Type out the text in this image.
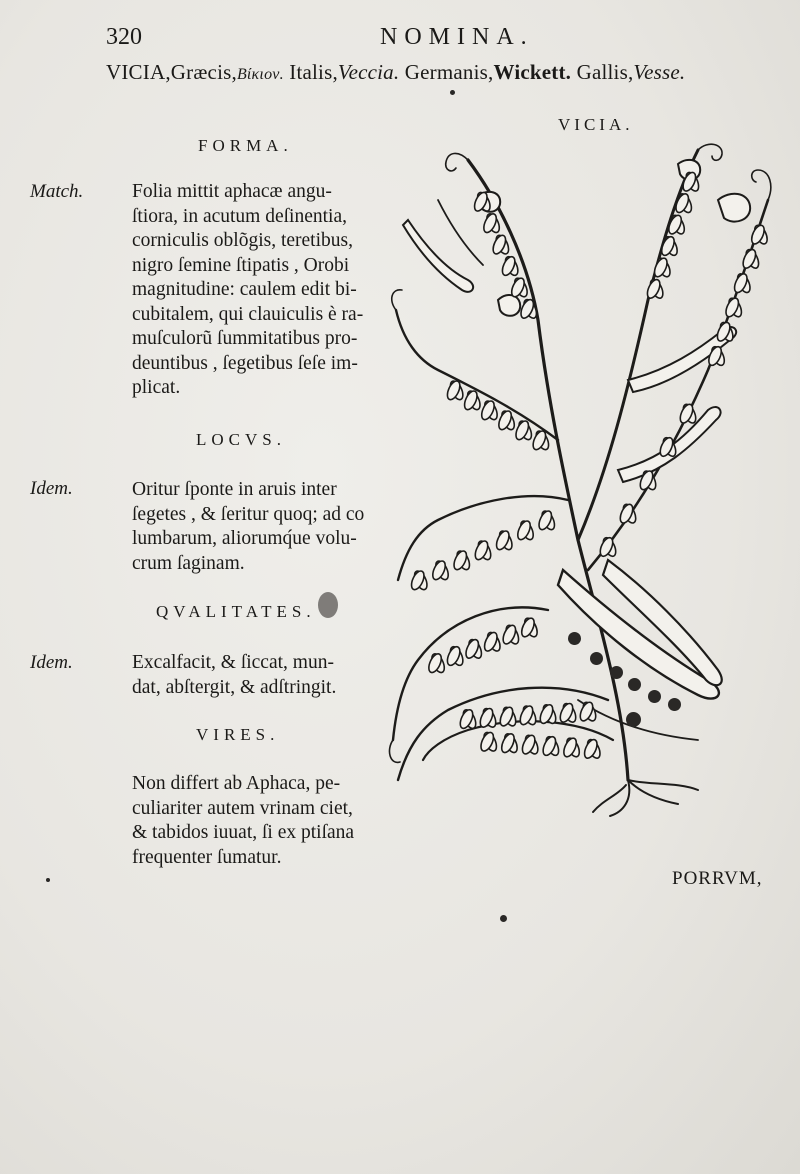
320	NOMINA.
VICIA,Græcis,Βίκιον. Italis,Veccia. Germanis,Wickett. Gallis,Vesse.
VICIA.
FORMA.
Match. Folia mittit aphacæ angu-
ſtiora, in acutum deſinentia,
corniculis oblõgis, teretibus,
nigro ſemine ſtipatis , Orobi
magnitudine: caulem edit bi-
cubitalem, qui clauiculis è ra-
muſculorũ ſummitatibus pro-
deuntibus , ſegetibus ſeſe im-
plicat.
LOCVS.
Idem.	Oritur ſponte in aruis inter
ſegetes , & ſeritur quoq; ad co
lumbarum, aliorumq́ue volu-
crum ſaginam.
QVALITATES.
Idem.	Excalfacit, & ſiccat, mun-
dat, abſtergit, & adſtringit.
VIRES.
Non differt ab Aphaca, pe-
culiariter autem vrinam ciet,
& tabidos iuuat, ſi ex ptiſana
frequenter ſumatur.
PORRVM,
